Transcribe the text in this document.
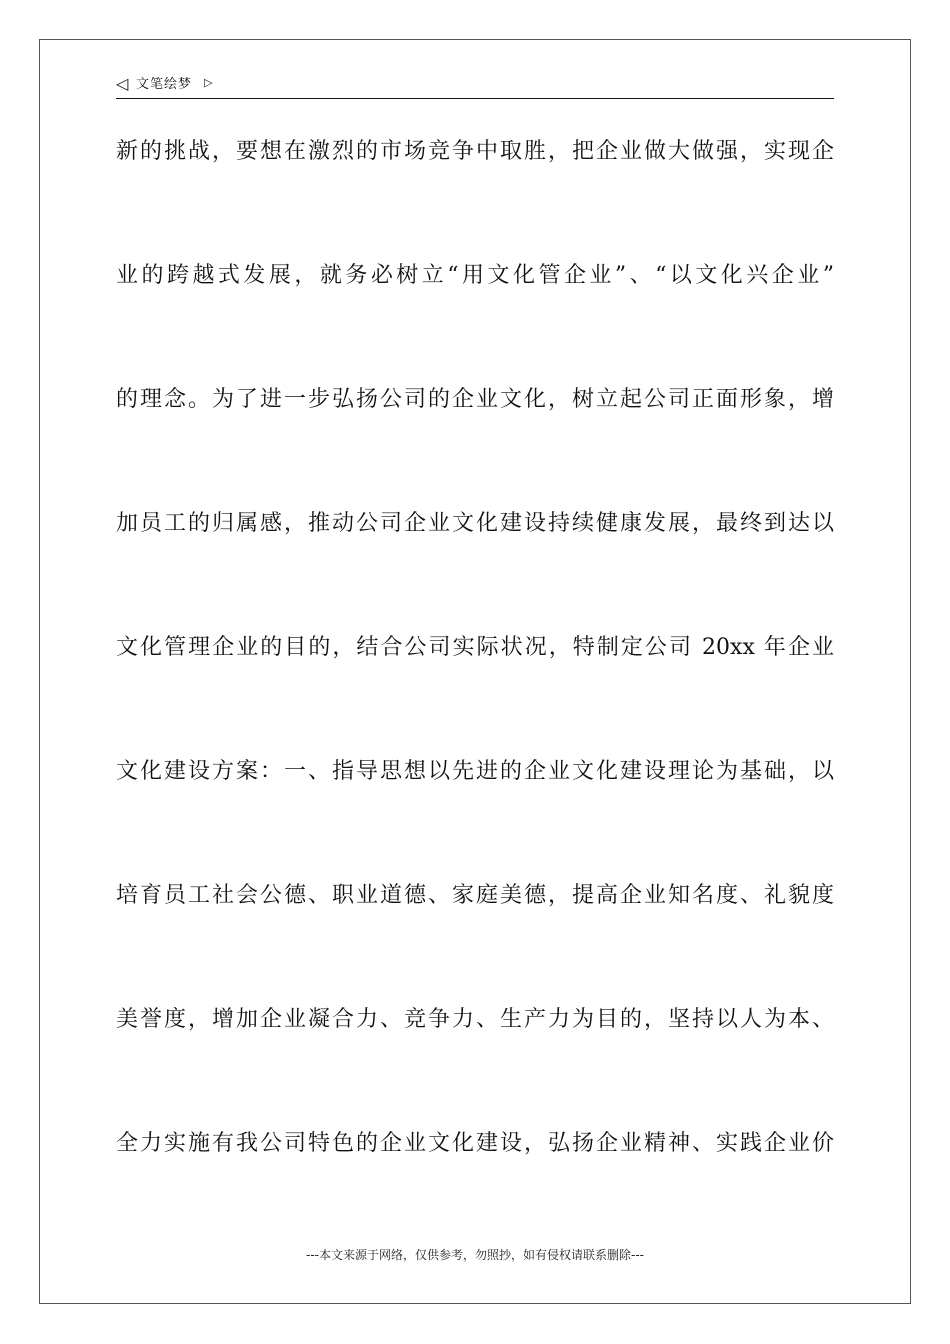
◁ 文笔绘梦 ▷
新的挑战，要想在激烈的市场竞争中取胜，把企业做大做强，实现企
业的跨越式发展，就务必树立“用文化管企业”、“以文化兴企业”
的理念。为了进一步弘扬公司的企业文化，树立起公司正面形象，增
加员工的归属感，推动公司企业文化建设持续健康发展，最终到达以
文化管理企业的目的，结合公司实际状况，特制定公司 20xx 年企业
文化建设方案：一、指导思想以先进的企业文化建设理论为基础，以
培育员工社会公德、职业道德、家庭美德，提高企业知名度、礼貌度
美誉度，增加企业凝合力、竞争力、生产力为目的，坚持以人为本、
全力实施有我公司特色的企业文化建设，弘扬企业精神、实践企业价
---本文来源于网络，仅供参考，勿照抄，如有侵权请联系删除---
